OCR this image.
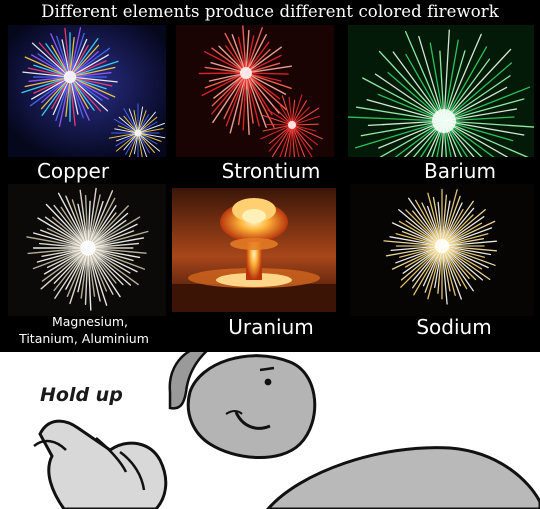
Different elements produce different colored firework
Copper	Strontium	Barium
Magnesium,
Titanium, Aluminium	Uranium	Sodium
Hold up
